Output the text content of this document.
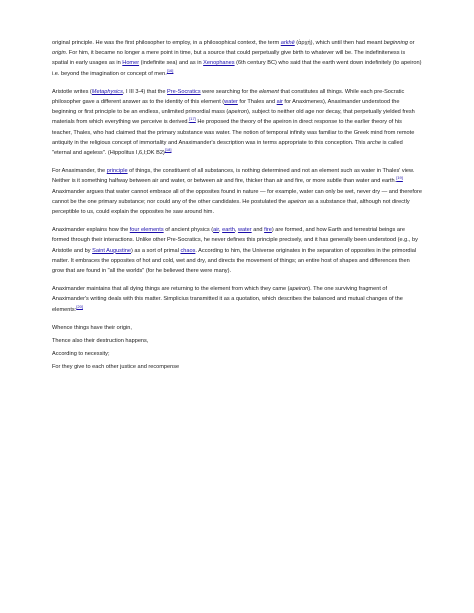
original principle. He was the first philosopher to employ, in a philosophical context, the term arkhē (ἀρχή), which until then had meant beginning or origin. For him, it became no longer a mere point in time, but a source that could perpetually give birth to whatever will be. The indefiniteness is spatial in early usages as in Homer (indefinite sea) and as in Xenophanes (6th century BC) who said that the earth went down indefinitely (to apeiron) i.e. beyond the imagination or concept of men.[16]

Aristotle writes (Metaphysics, I III 3-4) that the Pre-Socratics were searching for the element that constitutes all things. While each pre-Socratic philosopher gave a different answer as to the identity of this element (water for Thales and air for Anaximenes), Anaximander understood the beginning or first principle to be an endless, unlimited primordial mass (apeiron), subject to neither old age nor decay, that perpetually yielded fresh materials from which everything we perceive is derived.[17] He proposed the theory of the apeiron in direct response to the earlier theory of his teacher, Thales, who had claimed that the primary substance was water. The notion of temporal infinity was familiar to the Greek mind from remote antiquity in the religious concept of immortality and Anaximander's description was in terms appropriate to this conception. This arche is called "eternal and ageless". (Hippolitus I,6,I;DK B2)[18]

For Anaximander, the principle of things, the constituent of all substances, is nothing determined and not an element such as water in Thales' view. Neither is it something halfway between air and water, or between air and fire, thicker than air and fire, or more subtle than water and earth.[19] Anaximander argues that water cannot embrace all of the opposites found in nature — for example, water can only be wet, never dry — and therefore cannot be the one primary substance; nor could any of the other candidates. He postulated the apeiron as a substance that, although not directly perceptible to us, could explain the opposites he saw around him.

Anaximander explains how the four elements of ancient physics (air, earth, water and fire) are formed, and how Earth and terrestrial beings are formed through their interactions. Unlike other Pre-Socratics, he never defines this principle precisely, and it has generally been understood (e.g., by Aristotle and by Saint Augustine) as a sort of primal chaos. According to him, the Universe originates in the separation of opposites in the primordial matter. It embraces the opposites of hot and cold, wet and dry, and directs the movement of things; an entire host of shapes and differences then grow that are found in "all the worlds" (for he believed there were many).

Anaximander maintains that all dying things are returning to the element from which they came (apeiron). The one surviving fragment of Anaximander's writing deals with this matter. Simplicius transmitted it as a quotation, which describes the balanced and mutual changes of the elements:[20]

Whence things have their origin,

Thence also their destruction happens,

According to necessity;

For they give to each other justice and recompense
